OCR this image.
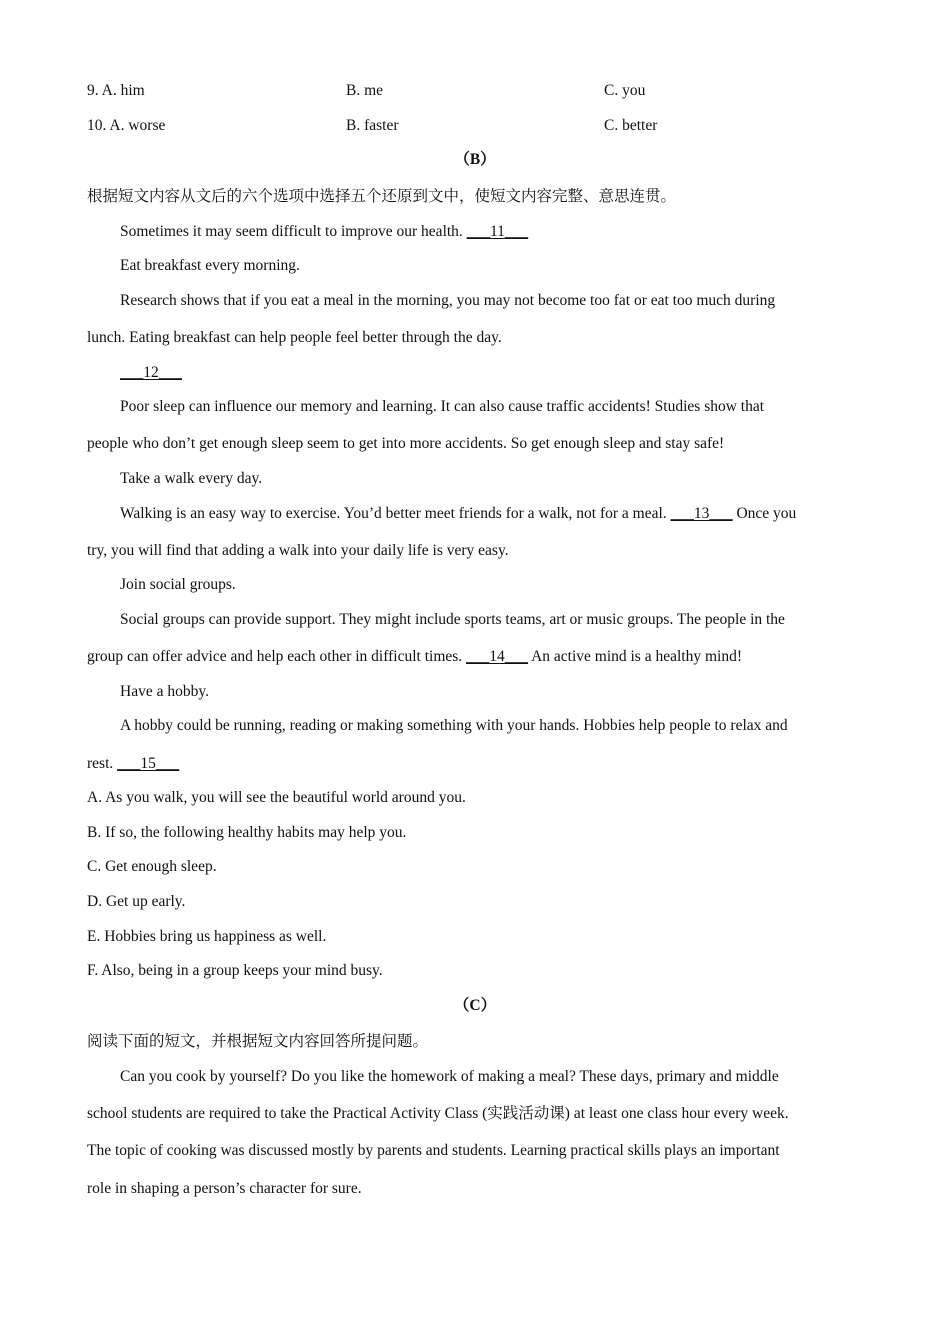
9. A. him	B. me	C. you
10. A. worse	B. faster	C. better
（B）
根据短文内容从文后的六个选项中选择五个还原到文中，使短文内容完整、意思连贯。
Sometimes it may seem difficult to improve our health. ___11___
Eat breakfast every morning.
Research shows that if you eat a meal in the morning, you may not become too fat or eat too much during
lunch. Eating breakfast can help people feel better through the day.
___12___
Poor sleep can influence our memory and learning. It can also cause traffic accidents! Studies show that
people who don’t get enough sleep seem to get into more accidents. So get enough sleep and stay safe!
Take a walk every day.
Walking is an easy way to exercise. You’d better meet friends for a walk, not for a meal. ___13___ Once you
try, you will find that adding a walk into your daily life is very easy.
Join social groups.
Social groups can provide support. They might include sports teams, art or music groups. The people in the
group can offer advice and help each other in difficult times. ___14___ An active mind is a healthy mind!
Have a hobby.
A hobby could be running, reading or making something with your hands. Hobbies help people to relax and
rest. ___15___
A. As you walk, you will see the beautiful world around you.
B. If so, the following healthy habits may help you.
C. Get enough sleep.
D. Get up early.
E. Hobbies bring us happiness as well.
F. Also, being in a group keeps your mind busy.
（C）
阅读下面的短文，并根据短文内容回答所提问题。
Can you cook by yourself? Do you like the homework of making a meal? These days, primary and middle
school students are required to take the Practical Activity Class (实践活动课) at least one class hour every week.
The topic of cooking was discussed mostly by parents and students. Learning practical skills plays an important
role in shaping a person’s character for sure.
